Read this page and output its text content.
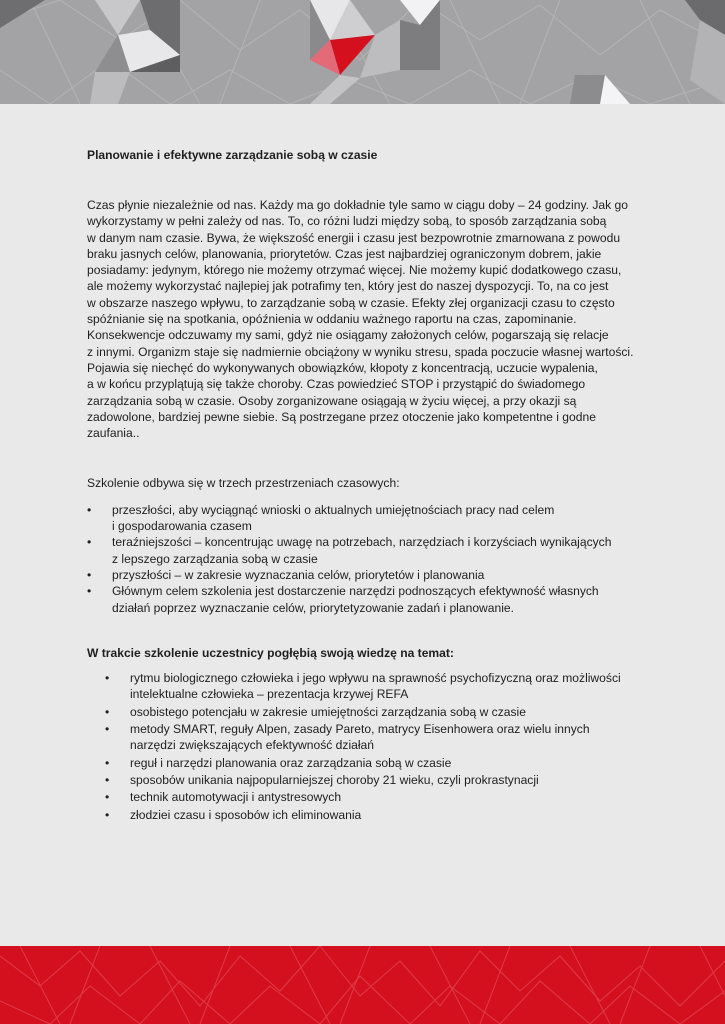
Planowanie i efektywne zarządzanie sobą w czasie

Czas płynie niezależnie od nas. Każdy ma go dokładnie tyle samo w ciągu doby – 24 godziny. Jak go
wykorzystamy w pełni zależy od nas. To, co różni ludzi między sobą, to sposób zarządzania sobą
w danym nam czasie. Bywa, że większość energii i czasu jest bezpowrotnie zmarnowana z powodu
braku jasnych celów, planowania, priorytetów. Czas jest najbardziej ograniczonym dobrem, jakie
posiadamy: jedynym, którego nie możemy otrzymać więcej. Nie możemy kupić dodatkowego czasu,
ale możemy wykorzystać najlepiej jak potrafimy ten, który jest do naszej dyspozycji. To, na co jest
w obszarze naszego wpływu, to zarządzanie sobą w czasie. Efekty złej organizacji czasu to często
spóźnianie się na spotkania, opóźnienia w oddaniu ważnego raportu na czas, zapominanie.
Konsekwencje odczuwamy my sami, gdyż nie osiągamy założonych celów, pogarszają się relacje
z innymi. Organizm staje się nadmiernie obciążony w wyniku stresu, spada poczucie własnej wartości.
Pojawia się niechęć do wykonywanych obowiązków, kłopoty z koncentracją, uczucie wypalenia,
a w końcu przyplątują się także choroby. Czas powiedzieć STOP i przystąpić do świadomego
zarządzania sobą w czasie. Osoby zorganizowane osiągają w życiu więcej, a przy okazji są
zadowolone, bardziej pewne siebie. Są postrzegane przez otoczenie jako kompetentne i godne
zaufania..

Szkolenie odbywa się w trzech przestrzeniach czasowych:

• przeszłości, aby wyciągnąć wnioski o aktualnych umiejętnościach pracy nad celem
i gospodarowania czasem
• teraźniejszości – koncentrując uwagę na potrzebach, narzędziach i korzyściach wynikających
z lepszego zarządzania sobą w czasie
• przyszłości – w zakresie wyznaczania celów, priorytetów i planowania
• Głównym celem szkolenia jest dostarczenie narzędzi podnoszących efektywność własnych
działań poprzez wyznaczanie celów, priorytetyzowanie zadań i planowanie.

W trakcie szkolenie uczestnicy pogłębią swoją wiedzę na temat:

• rytmu biologicznego człowieka i jego wpływu na sprawność psychofizyczną oraz możliwości
intelektualne człowieka – prezentacja krzywej REFA
• osobistego potencjału w zakresie umiejętności zarządzania sobą w czasie
• metody SMART, reguły Alpen, zasady Pareto, matrycy Eisenhowera oraz wielu innych
narzędzi zwiększających efektywność działań
• reguł i narzędzi planowania oraz zarządzania sobą w czasie
• sposobów unikania najpopularniejszej choroby 21 wieku, czyli prokrastynacji
• technik automotywacji i antystresowych
• złodziei czasu i sposobów ich eliminowania
